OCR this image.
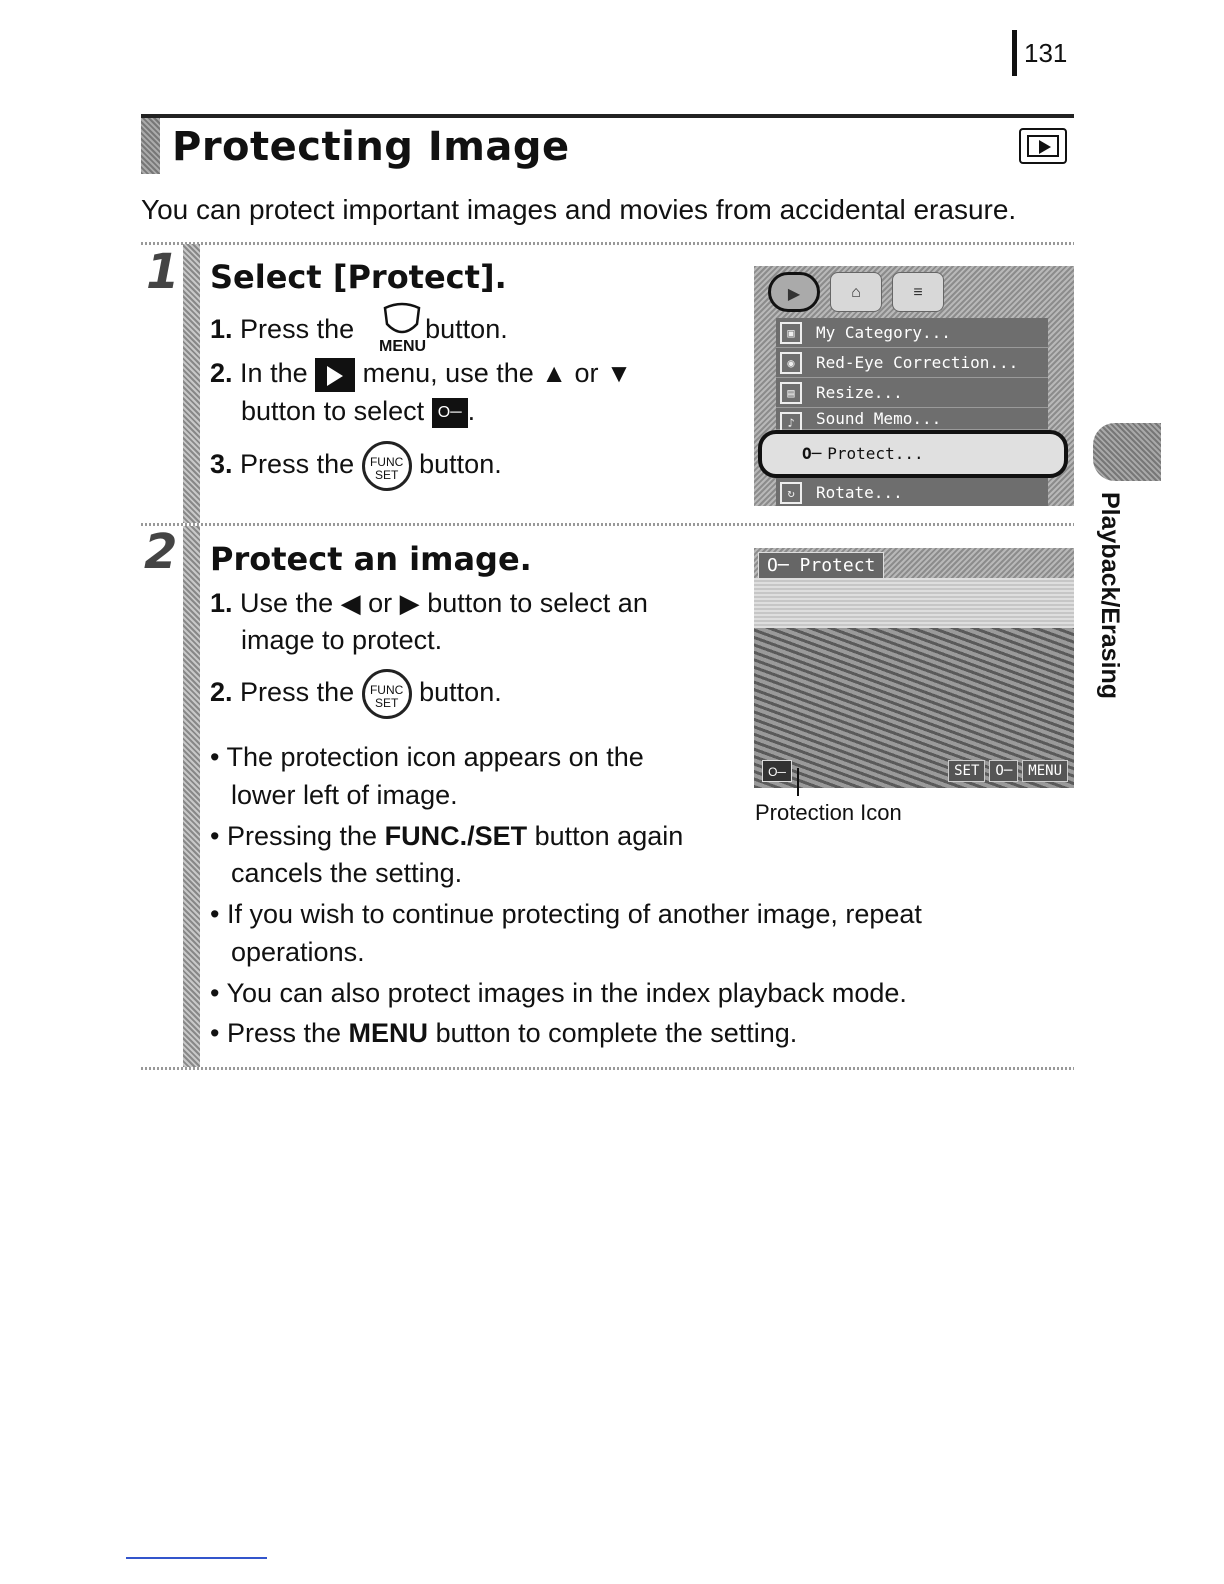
131
Protecting Image
You can protect important images and movies from accidental erasure.
1 Select [Protect].
1. Press the	button.
MENU
2. In the menu, use the ▲ or ▼
button to select O─ .
3. Press the	FUNC
SET button.
▶	⌂	≡
▣	My Category...
◉	Red-Eye Correction...
▤	Resize...
♪	Sound Memo...
O─ Protect...
↻	Rotate...
2 Protect an image.
1. Use the ◀ or ▶ button to select an
image to protect.
2. Press the	FUNC
SET button.
• The protection icon appears on the
lower left of image.
• Pressing the FUNC./SET button again
cancels the setting.
• If you wish to continue protecting of another image, repeat
operations.
• You can also protect images in the index playback mode.
• Press the MENU button to complete the setting.
O─ Protect
O─	SET	O─	MENU
Protection Icon
Playback/Erasing
